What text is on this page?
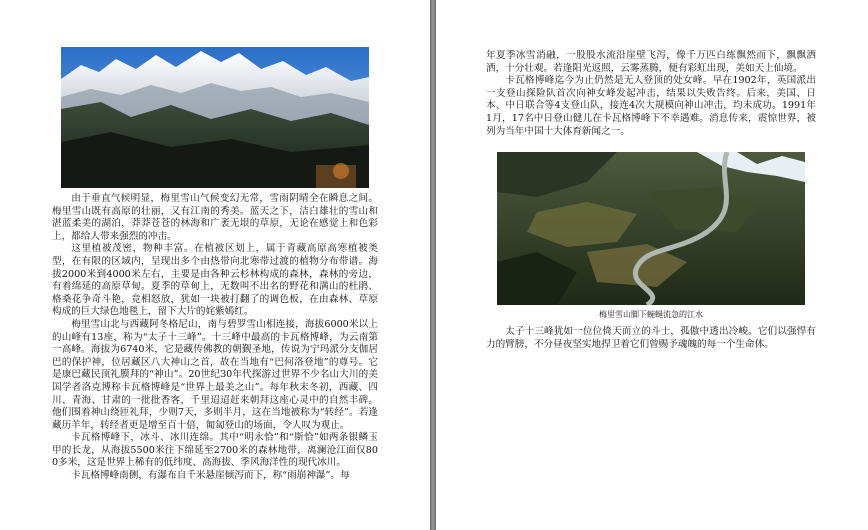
由于垂直气候明显，梅里雪山气候变幻无常，雪雨阴晴全在瞬息之间。梅里雪山既有高原的壮丽，又有江南的秀美。蓝天之下，洁白雄壮的雪山和湛蓝柔美的湖泊，莽莽苍苍的林海和广袤无垠的草原，无论在感觉上和色彩上，都给人带来强烈的冲击。

这里植被茂密，物种丰富。在植被区划上，属于青藏高原高寒植被类型，在有限的区域内，呈现出多个由热带向北寒带过渡的植物分布带谱。海拔2000米到4000米左右，主要是由各种云杉林构成的森林，森林的旁边，有着绵延的高原草甸。夏季的草甸上，无数叫不出名的野花和满山的杜鹃、格桑花争奇斗艳，竞相怒放，犹如一块被打翻了的调色板，在由森林、草原构成的巨大绿色地毯上，留下大片的姹紫嫣红。

梅里雪山北与西藏阿冬格尼山，南与碧罗雪山相连接，海拔6000米以上的山峰有13座，称为“太子十三峰”。十三峰中最高的卡瓦格博峰，为云南第一高峰。海拔为6740米，它是藏传佛教的朝觐圣地，传说为宁玛派分支伽居巴的保护神，位居藏区八大神山之首，故在当地有“巴何洛登地”的尊号。它是康巴藏民顶礼膜拜的“神山”。20世纪30年代探游过世界不少名山大川的美国学者洛克博称卡瓦格博峰是“世界上最美之山”。每年秋末冬初，西藏、四川、青海、甘肃的一批批香客，千里迢迢赶来朝拜这座心灵中的自然丰碑。他们围着神山绕匝礼拜，少则7天，多则半月，这在当地被称为“转经”。若逢藏历羊年，转经者更是增至百十倍，匍匐登山的场面，令人叹为观止。

卡瓦格博峰下，冰斗、冰川连绵。其中“明永恰”和“斯恰”如两条银鳞玉甲的长龙，从海拔5500米往下绵延至2700米的森林地带，离澜沧江面仅800多米，这是世界上稀有的低纬度、高海拔、季风海洋性的现代冰川。

卡瓦格博峰南侧，有瀑布自千米悬崖倾泻而下，称“雨崩神瀑”。每

年夏季冰雪消融，一股股水流沿崖壁飞泻，像千万匹白练飘然而下，飘飘洒洒，十分壮观。若逢阳光返照，云雾蒸腾，便有彩虹出现，美如天上仙境。

卡瓦格博峰迄今为止仍然是无人登顶的处女峰。早在1902年，英国派出一支登山探险队首次向神女峰发起冲击，结果以失败告终。后来，美国、日本、中日联合等4支登山队，接连4次大规模向神山冲击，均未成功。1991年1月，17名中日登山健儿在卡瓦格博峰下不幸遇难。消息传来，震惊世界，被列为当年中国十大体育新闻之一。

梅里雪山脚下蜿蜒流急的江水

太子十三峰犹如一位位倚天而立的斗士，孤傲中透出冷峻。它们以强悍有力的臂膀，不分昼夜坚实地捍卫着它们曾赐予魂魄的每一个生命体。
